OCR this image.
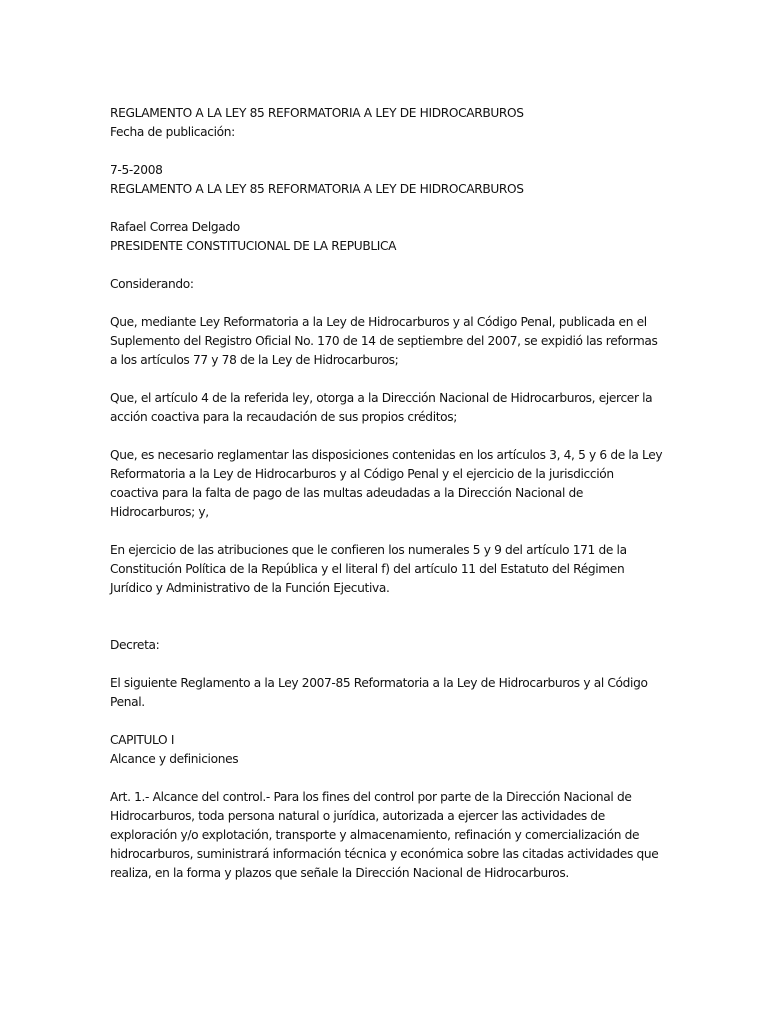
REGLAMENTO A LA LEY 85 REFORMATORIA A LEY DE HIDROCARBUROS
Fecha de publicación:
7-5-2008
REGLAMENTO A LA LEY 85 REFORMATORIA A LEY DE HIDROCARBUROS
Rafael Correa Delgado
PRESIDENTE CONSTITUCIONAL DE LA REPUBLICA
Considerando:
Que, mediante Ley Reformatoria a la Ley de Hidrocarburos y al Código Penal, publicada en el
Suplemento del Registro Oficial No. 170 de 14 de septiembre del 2007, se expidió las reformas
a los artículos 77 y 78 de la Ley de Hidrocarburos;
Que, el artículo 4 de la referida ley, otorga a la Dirección Nacional de Hidrocarburos, ejercer la
acción coactiva para la recaudación de sus propios créditos;
Que, es necesario reglamentar las disposiciones contenidas en los artículos 3, 4, 5 y 6 de la Ley
Reformatoria a la Ley de Hidrocarburos y al Código Penal y el ejercicio de la jurisdicción
coactiva para la falta de pago de las multas adeudadas a la Dirección Nacional de
Hidrocarburos; y,
En ejercicio de las atribuciones que le confieren los numerales 5 y 9 del artículo 171 de la
Constitución Política de la República y el literal f) del artículo 11 del Estatuto del Régimen
Jurídico y Administrativo de la Función Ejecutiva.
Decreta:
El siguiente Reglamento a la Ley 2007-85 Reformatoria a la Ley de Hidrocarburos y al Código
Penal.
CAPITULO I
Alcance y definiciones
Art. 1.- Alcance del control.- Para los fines del control por parte de la Dirección Nacional de
Hidrocarburos, toda persona natural o jurídica, autorizada a ejercer las actividades de
exploración y/o explotación, transporte y almacenamiento, refinación y comercialización de
hidrocarburos, suministrará información técnica y económica sobre las citadas actividades que
realiza, en la forma y plazos que señale la Dirección Nacional de Hidrocarburos.
